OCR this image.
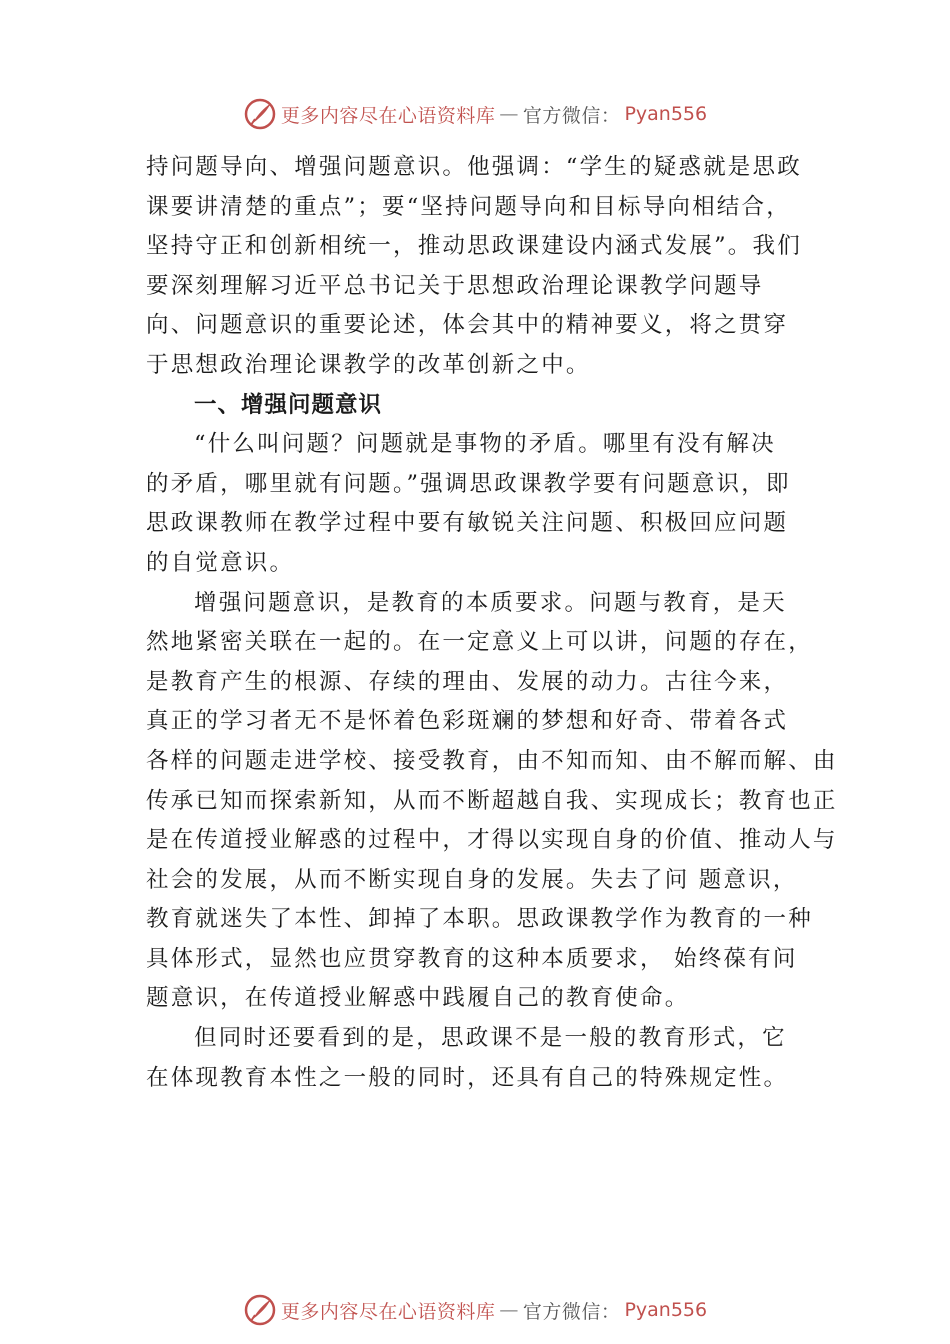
更多内容尽在心语资料库 — 官方微信： Pyan556
持问题导向、增强问题意识。他强调：“学生的疑惑就是思政
课要讲清楚的重点”；要“坚持问题导向和目标导向相结合，
坚持守正和创新相统一，推动思政课建设内涵式发展”。我们
要深刻理解习近平总书记关于思想政治理论课教学问题导
向、问题意识的重要论述，体会其中的精神要义，将之贯穿
于思想政治理论课教学的改革创新之中。
一、增强问题意识
“什么叫问题？问题就是事物的矛盾。哪里有没有解决
的矛盾，哪里就有问题。”强调思政课教学要有问题意识，即
思政课教师在教学过程中要有敏锐关注问题、积极回应问题
的自觉意识。
增强问题意识，是教育的本质要求。问题与教育，是天
然地紧密关联在一起的。在一定意义上可以讲，问题的存在，
是教育产生的根源、存续的理由、发展的动力。古往今来，
真正的学习者无不是怀着色彩斑斓的梦想和好奇、带着各式
各样的问题走进学校、接受教育，由不知而知、由不解而解、由
传承已知而探索新知，从而不断超越自我、实现成长；教育也正
是在传道授业解惑的过程中，才得以实现自身的价值、推动人与
社会的发展，从而不断实现自身的发展。失去了问 题意识，
教育就迷失了本性、卸掉了本职。思政课教学作为教育的一种
具体形式，显然也应贯穿教育的这种本质要求， 始终葆有问
题意识，在传道授业解惑中践履自己的教育使命。
但同时还要看到的是，思政课不是一般的教育形式，它
在体现教育本性之一般的同时，还具有自己的特殊规定性。
更多内容尽在心语资料库 — 官方微信： Pyan556
